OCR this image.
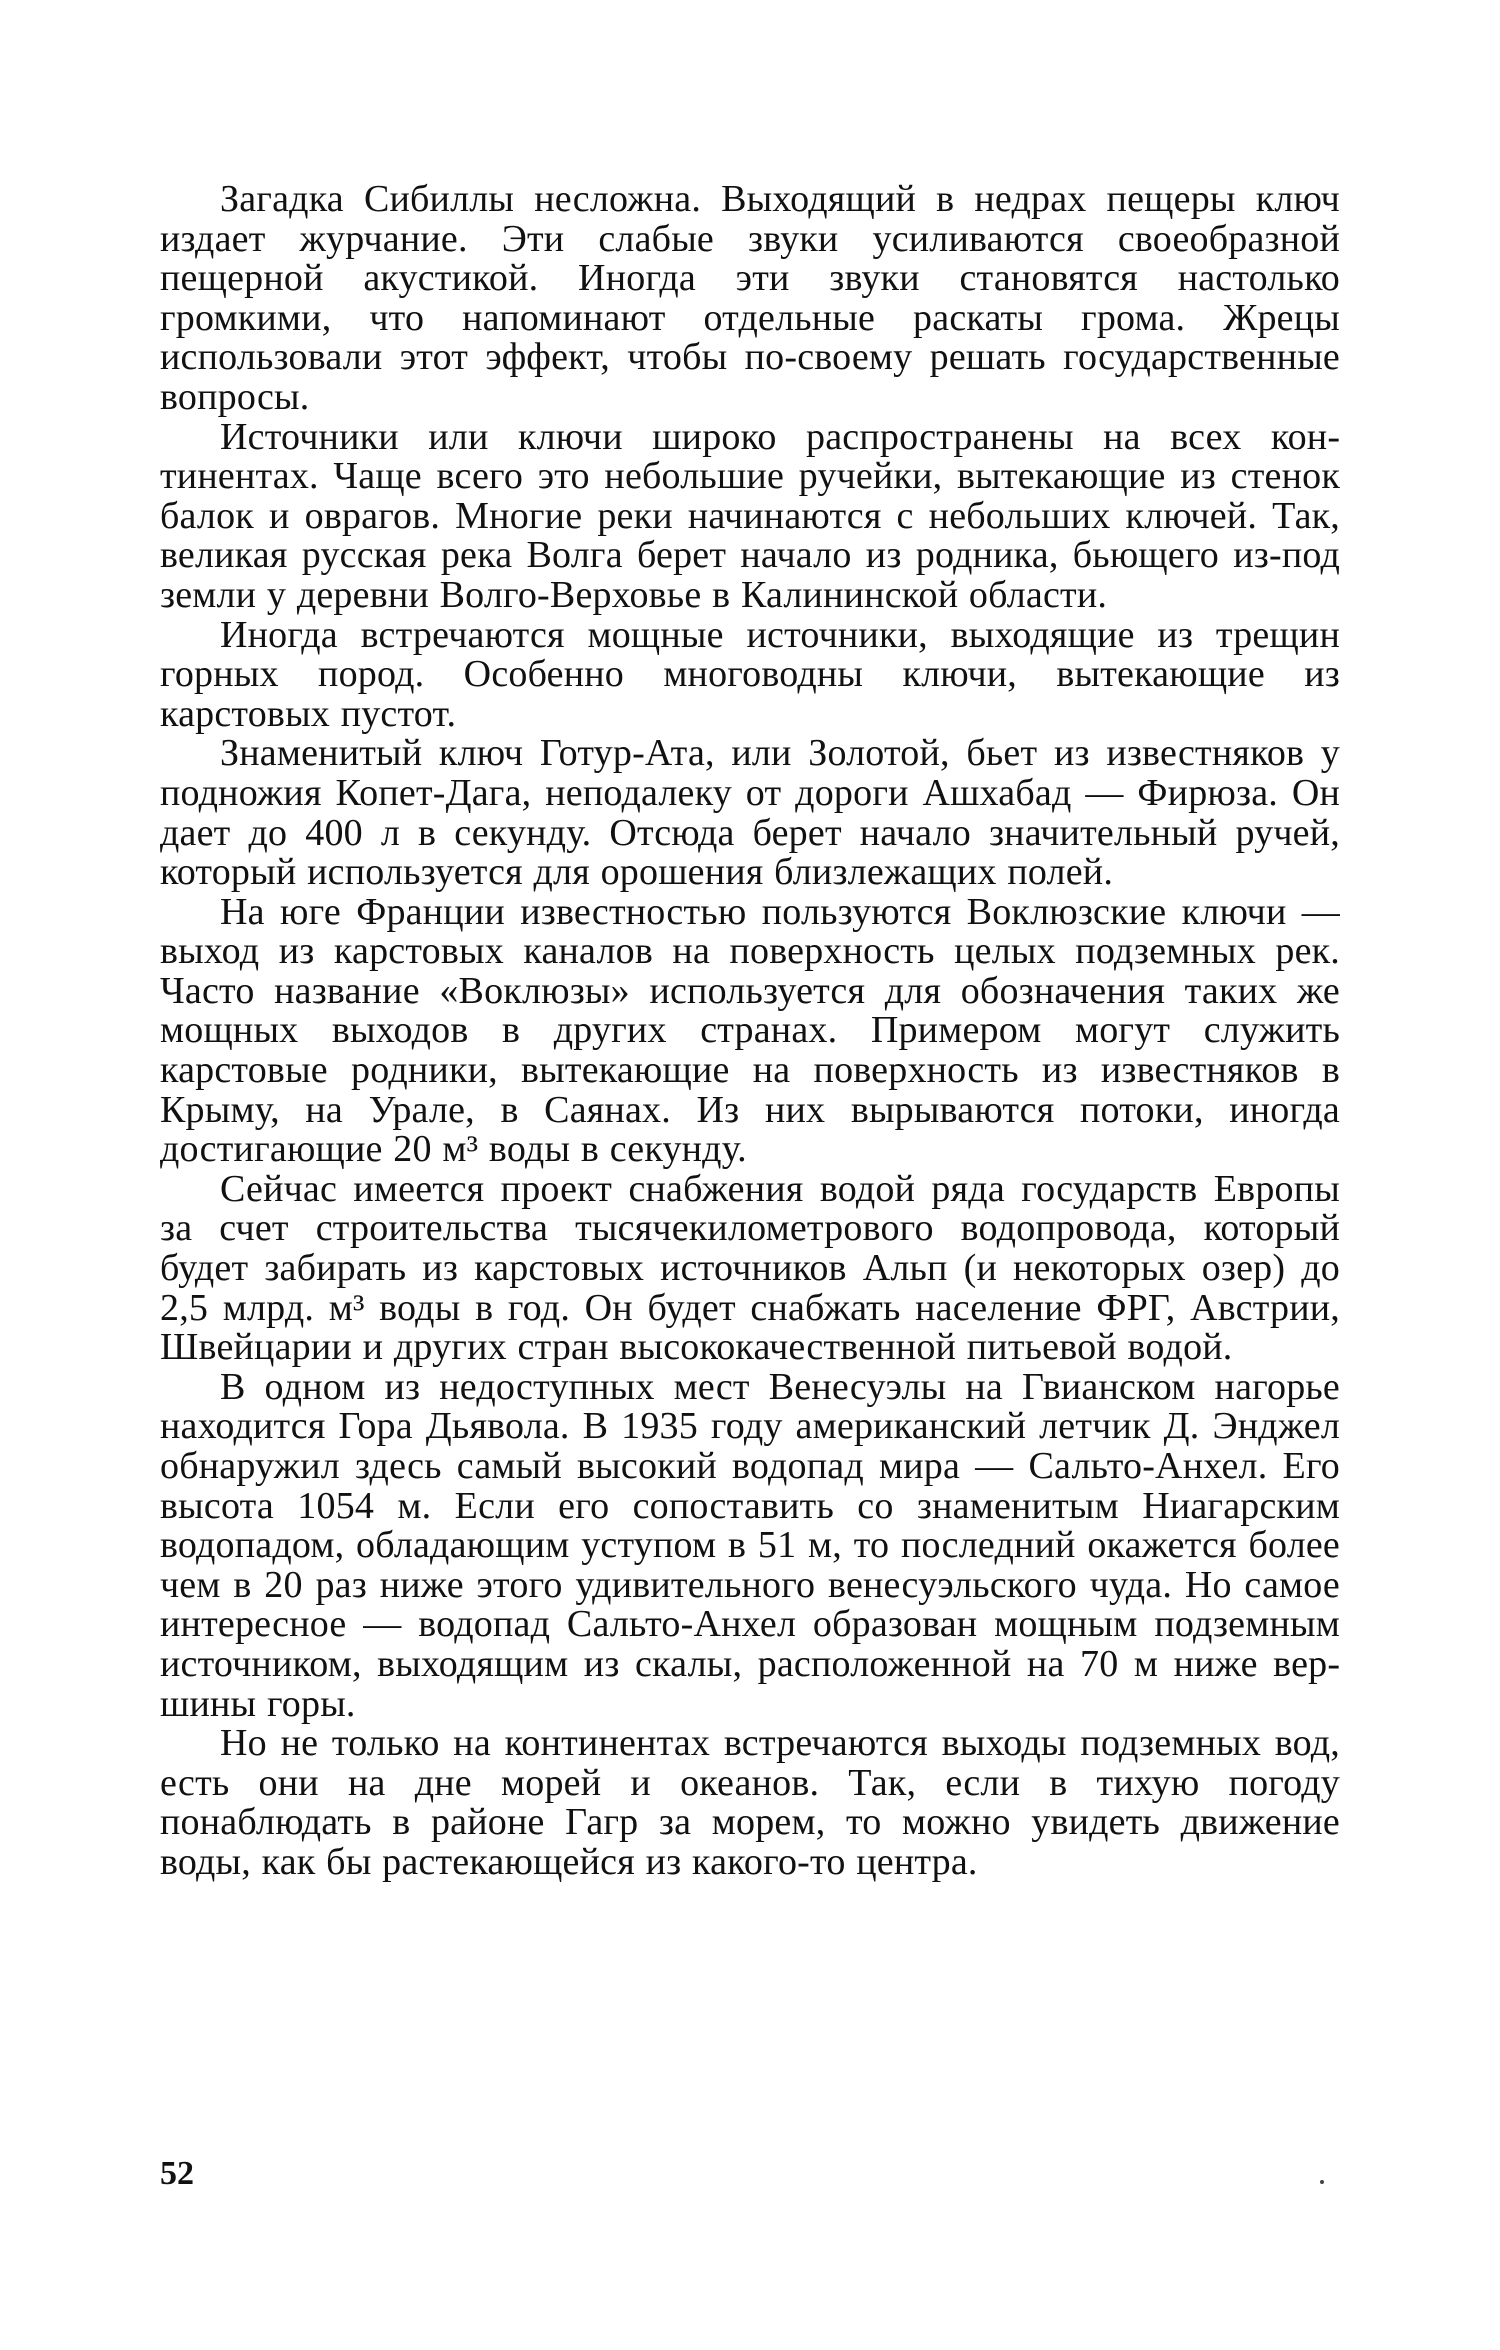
Загадка Сибиллы несложна. Выходящий в недрах пещеры ключ издает журчание. Эти слабые звуки усиливаются своеобразной пещерной акустикой. Иногда эти звуки становятся настолько громкими, что напоминают отдельные раскаты грома. Жрецы использовали этот эффект, чтобы по-своему решать государственные вопросы.

Источники или ключи широко распространены на всех континентах. Чаще всего это небольшие ручейки, вытекающие из стенок балок и оврагов. Многие реки начинаются с небольших ключей. Так, великая русская река Волга берет начало из родника, бьющего из-под земли у деревни Волго-Верховье в Калининской области.

Иногда встречаются мощные источники, выходящие из трещин горных пород. Особенно многоводны ключи, вытекающие из карстовых пустот.

Знаменитый ключ Готур-Ата, или Золотой, бьет из известняков у подножия Копет-Дага, неподалеку от дороги Ашхабад — Фирюза. Он дает до 400 л в секунду. Отсюда берет начало значительный ручей, который используется для орошения близлежащих полей.

На юге Франции известностью пользуются Воклюзские ключи — выход из карстовых каналов на поверхность целых подземных рек. Часто название «Воклюзы» используется для обозначения таких же мощных выходов в других странах. Примером могут служить карстовые родники, вытекающие на поверхность из известняков в Крыму, на Урале, в Саянах. Из них вырываются потоки, иногда достигающие 20 м³ воды в секунду.

Сейчас имеется проект снабжения водой ряда государств Европы за счет строительства тысячекилометрового водопровода, который будет забирать из карстовых источников Альп (и некоторых озер) до 2,5 млрд. м³ воды в год. Он будет снабжать население ФРГ, Австрии, Швейцарии и других стран высококачественной питьевой водой.

В одном из недоступных мест Венесуэлы на Гвианском нагорье находится Гора Дьявола. В 1935 году американский летчик Д. Энджел обнаружил здесь самый высокий водопад мира — Сальто-Анхел. Его высота 1054 м. Если его сопоставить со знаменитым Ниагарским водопадом, обладающим уступом в 51 м, то последний окажется более чем в 20 раз ниже этого удивительного венесуэльского чуда. Но самое интересное — водопад Сальто-Анхел образован мощным подземным источником, выходящим из скалы, расположенной на 70 м ниже вершины горы.

Но не только на континентах встречаются выходы подземных вод, есть они на дне морей и океанов. Так, если в тихую погоду понаблюдать в районе Гагр за морем, то можно увидеть движение воды, как бы растекающейся из какого-то центра.

52
